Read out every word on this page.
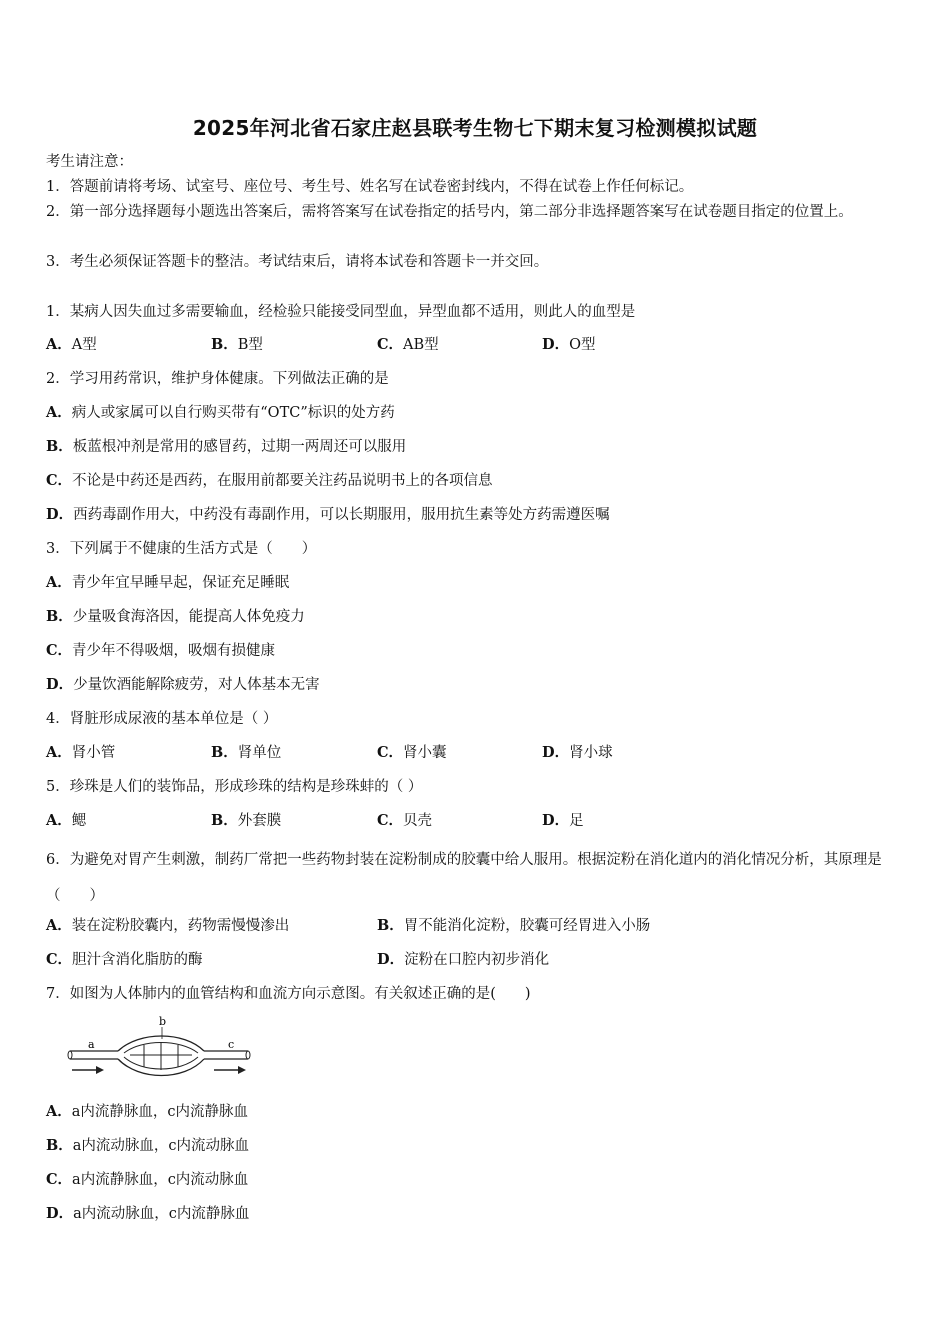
2025年河北省石家庄赵县联考生物七下期末复习检测模拟试题
考生请注意：
1．答题前请将考场、试室号、座位号、考生号、姓名写在试卷密封线内，不得在试卷上作任何标记。
2．第一部分选择题每小题选出答案后，需将答案写在试卷指定的括号内，第二部分非选择题答案写在试卷题目指定的位置上。
3．考生必须保证答题卡的整洁。考试结束后，请将本试卷和答题卡一并交回。
1．某病人因失血过多需要输血，经检验只能接受同型血，异型血都不适用，则此人的血型是
A．A型	B．B型	C．AB型	D．O型
2．学习用药常识，维护身体健康。下列做法正确的是
A．病人或家属可以自行购买带有“OTC”标识的处方药
B．板蓝根冲剂是常用的感冒药，过期一两周还可以服用
C．不论是中药还是西药，在服用前都要关注药品说明书上的各项信息
D．西药毒副作用大，中药没有毒副作用，可以长期服用，服用抗生素等处方药需遵医嘱
3．下列属于不健康的生活方式是（　　）
A．青少年宜早睡早起，保证充足睡眠
B．少量吸食海洛因，能提高人体免疫力
C．青少年不得吸烟，吸烟有损健康
D．少量饮酒能解除疲劳，对人体基本无害
4．肾脏形成尿液的基本单位是（ ）
A．肾小管	B．肾单位	C．肾小囊	D．肾小球
5．珍珠是人们的装饰品，形成珍珠的结构是珍珠蚌的（ ）
A．鳃	B．外套膜	C．贝壳	D．足
6．为避免对胃产生刺激，制药厂常把一些药物封装在淀粉制成的胶囊中给人服用。根据淀粉在消化道内的消化情况分析，其原理是（　　）
A．装在淀粉胶囊内，药物需慢慢渗出	B．胃不能消化淀粉，胶囊可经胃进入小肠
C．胆汁含消化脂肪的酶	D．淀粉在口腔内初步消化
7．如图为人体肺内的血管结构和血流方向示意图。有关叙述正确的是(　　)
a
b
c
A．a内流静脉血，c内流静脉血
B．a内流动脉血，c内流动脉血
C．a内流静脉血，c内流动脉血
D．a内流动脉血，c内流静脉血
